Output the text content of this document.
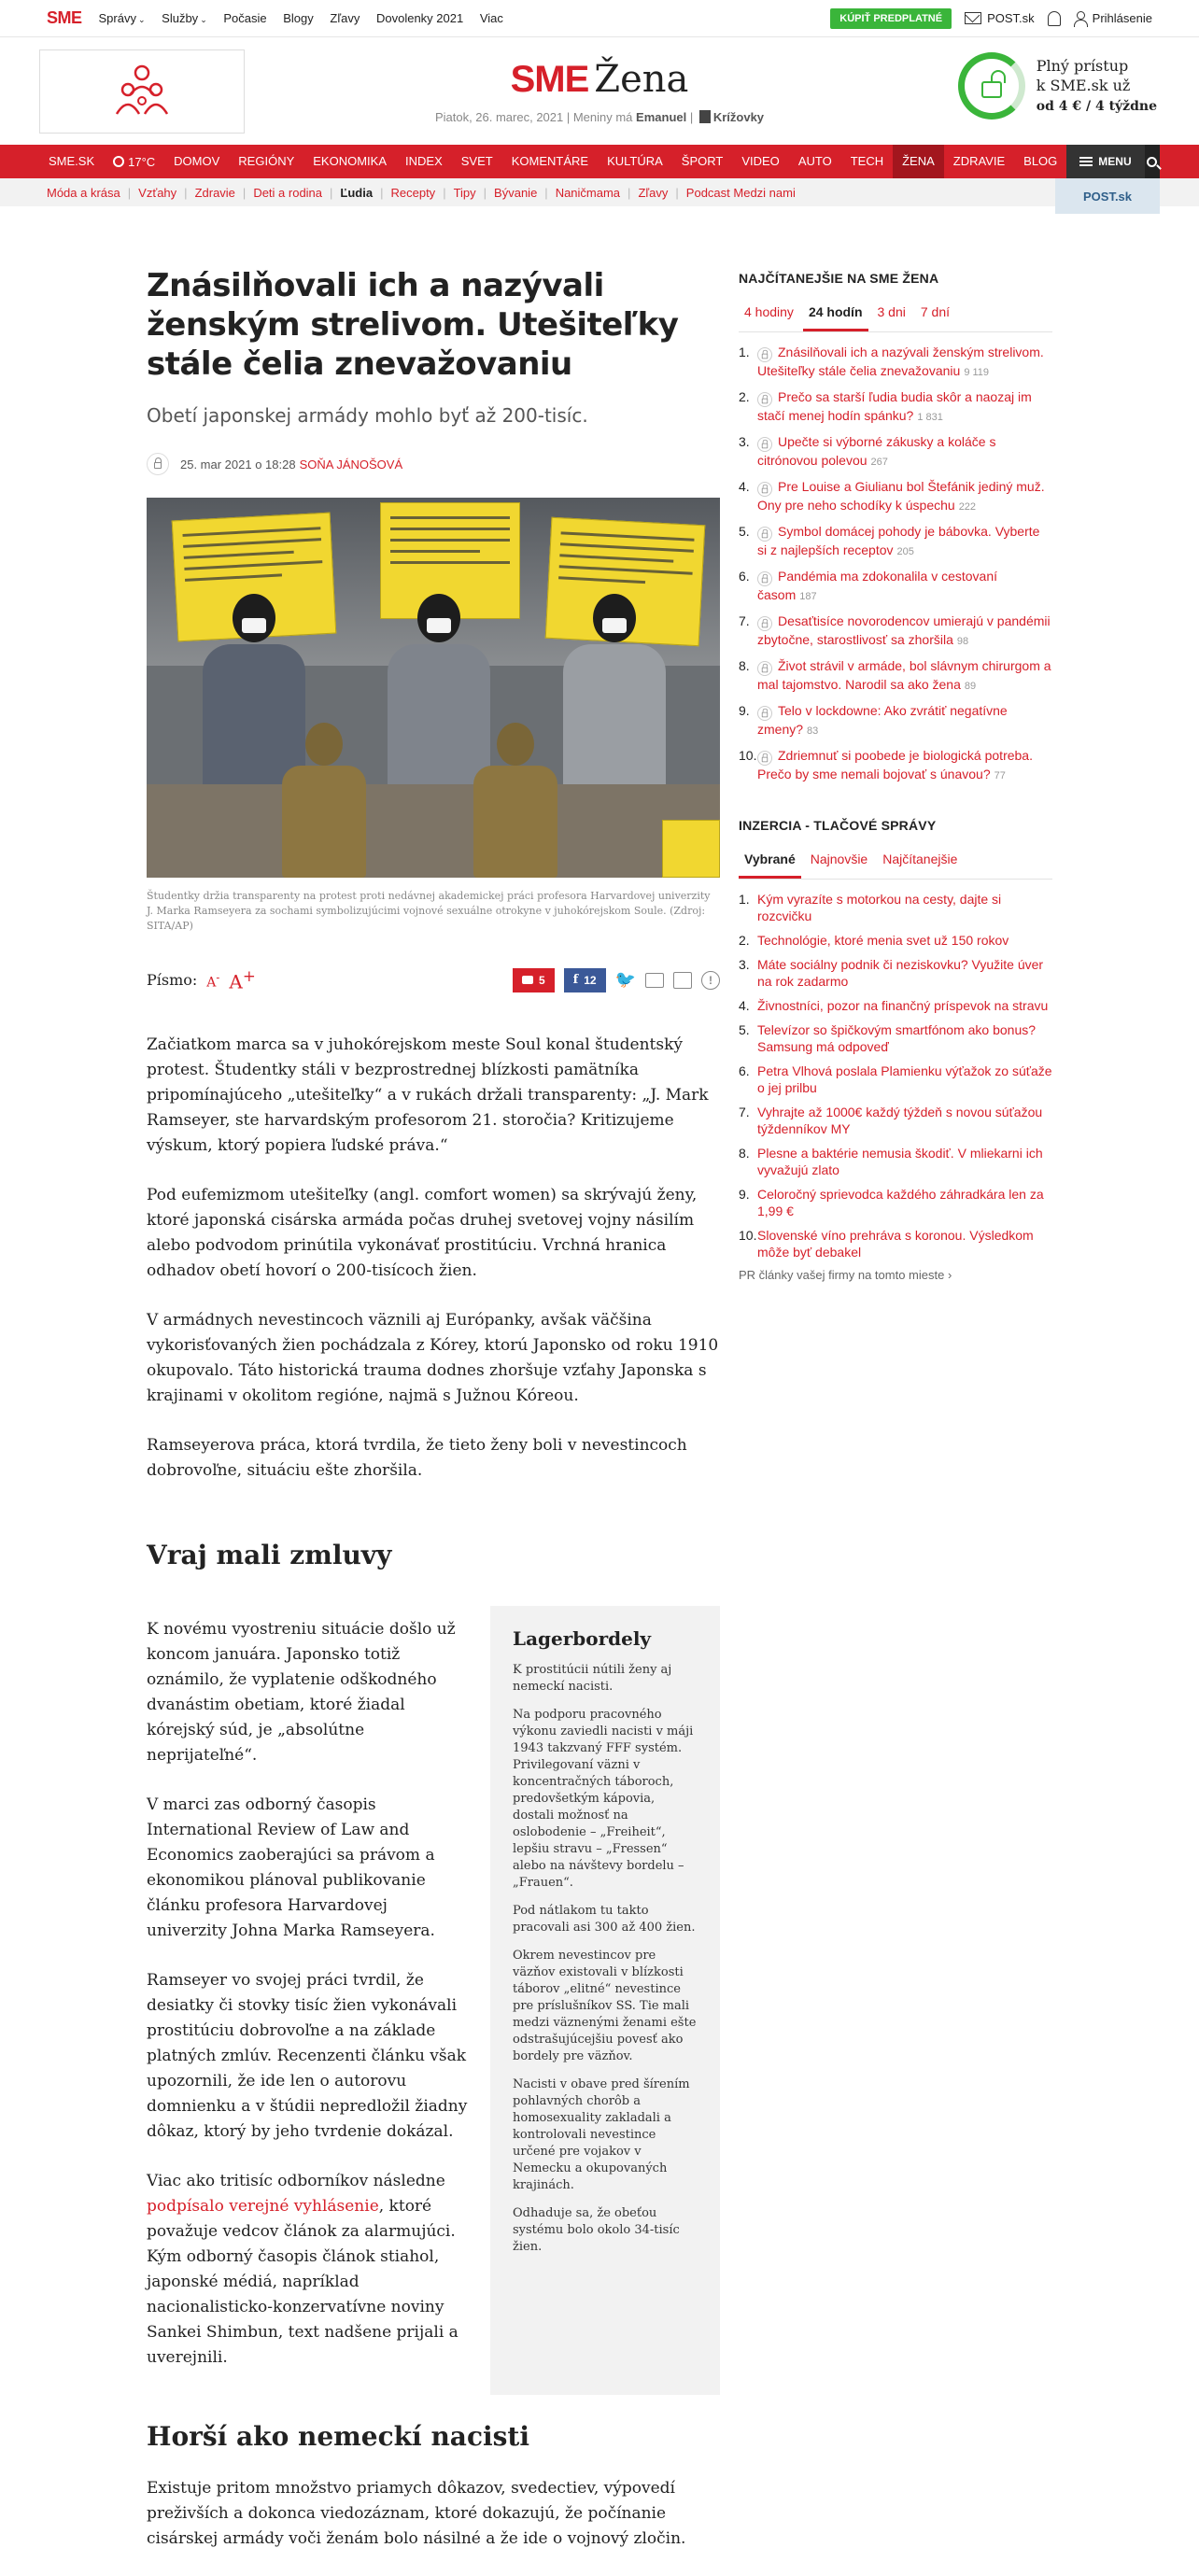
SME Správy ⌄ Služby ⌄ Počasie Blogy Zľavy Dovolenky 2021 Viac	KÚPIŤ PREDPLATNÉ	POST.sk	Prihlásenie
SME Žena
Piatok, 26. marec, 2021 | Meniny má Emanuel | Krížovky
Plný prístup
k SME.sk už
od 4 € / 4 týždne
SME.SK	17°C	DOMOV	REGIÓNY	EKONOMIKA	INDEX	SVET	KOMENTÁRE	KULTÚRA	ŠPORT	VIDEO	AUTO	TECH	ŽENA	ZDRAVIE	BLOG	MENU
Móda a krása | Vzťahy | Zdravie | Deti a rodina | Ľudia | Recepty | Tipy | Bývanie | Naničmama | Zľavy | Podcast Medzi nami	POST.sk
Znásilňovali ich a nazývali ženským strelivom. Utešiteľky stále čelia znevažovaniu
Obetí japonskej armády mohlo byť až 200-tisíc.
25. mar 2021 o 18:28 SOŇA JÁNOŠOVÁ
Študentky držia transparenty na protest proti nedávnej akademickej práci profesora Harvardovej univerzity J. Marka Ramseyera za sochami symbolizujúcimi vojnové sexuálne otrokyne v juhokórejskom Soule. (Zdroj: SITA/AP)
Písmo: A- A+	5 f 12 🐦	!

Začiatkom marca sa v juhokórejskom meste Soul konal študentský protest. Študentky stáli v bezprostrednej blízkosti pamätníka pripomínajúceho „utešiteľky“ a v rukách držali transparenty: „J. Mark Ramseyer, ste harvardským profesorom 21. storočia? Kritizujeme výskum, ktorý popiera ľudské práva.“

Pod eufemizmom utešiteľky (angl. comfort women) sa skrývajú ženy, ktoré japonská cisárska armáda počas druhej svetovej vojny násilím alebo podvodom prinútila vykonávať prostitúciu. Vrchná hranica odhadov obetí hovorí o 200-tisícoch žien.

V armádnych nevestincoch väznili aj Európanky, avšak väčšina vykorisťovaných žien pochádzala z Kórey, ktorú Japonsko od roku 1910 okupovalo. Táto historická trauma dodnes zhoršuje vzťahy Japonska s krajinami v okolitom regióne, najmä s Južnou Kóreou.

Ramseyerova práca, ktorá tvrdila, že tieto ženy boli v nevestincoch dobrovoľne, situáciu ešte zhoršila.

Vraj mali zmluvy

K novému vyostreniu situácie došlo už koncom januára. Japonsko totiž oznámilo, že vyplatenie odškodného dvanástim obetiam, ktoré žiadal kórejský súd, je „absolútne neprijateľné“.

V marci zas odborný časopis International Review of Law and Economics zaoberajúci sa právom a ekonomikou plánoval publikovanie článku profesora Harvardovej univerzity Johna Marka Ramseyera.

Ramseyer vo svojej práci tvrdil, že desiatky či stovky tisíc žien vykonávali prostitúciu dobrovoľne a na základe platných zmlúv. Recenzenti článku však upozornili, že ide len o autorovu domnienku a v štúdii nepredložil žiadny dôkaz, ktorý by jeho tvrdenie dokázal.

Viac ako tritisíc odborníkov následne podpísalo verejné vyhlásenie, ktoré považuje vedcov článok za alarmujúci. Kým odborný časopis článok stiahol, japonské médiá, napríklad nacionalisticko-konzervatívne noviny Sankei Shimbun, text nadšene prijali a uverejnili.

Lagerbordely

K prostitúcii nútili ženy aj nemeckí nacisti.

Na podporu pracovného výkonu zaviedli nacisti v máji 1943 takzvaný FFF systém. Privilegovaní väzni v koncentračných táboroch, predovšetkým kápovia, dostali možnosť na oslobodenie – „Freiheit“, lepšiu stravu – „Fressen“ alebo na návštevy bordelu – „Frauen“.

Pod nátlakom tu takto pracovali asi 300 až 400 žien.

Okrem nevestincov pre väzňov existovali v blízkosti táborov „elitné“ nevestince pre príslušníkov SS. Tie mali medzi väznenými ženami ešte odstrašujúcejšiu povesť ako bordely pre väzňov.

Nacisti v obave pred šírením pohlavných chorôb a homosexuality zakladali a kontrolovali nevestince určené pre vojakov v Nemecku a okupovaných krajinách.

Odhaduje sa, že obeťou systému bolo okolo 34-tisíc žien.

Horší ako nemeckí nacisti

Existuje pritom množstvo priamych dôkazov, svedectiev, výpovedí preživších a dokonca viedozáznam, ktoré dokazujú, že počínanie cisárskej armády voči ženám bolo násilné a že ide o vojnový zločin.

NAJČÍTANEJŠIE NA SME ŽENA
4 hodiny	24 hodín	3 dni	7 dní
1.	Znásilňovali ich a nazývali ženským strelivom. Utešiteľky stále čelia znevažovaniu 9 119
2.	Prečo sa starší ľudia budia skôr a naozaj im stačí menej hodín spánku? 1 831
3.	Upečte si výborné zákusky a koláče s citrónovou polevou 267
4.	Pre Louise a Giulianu bol Štefánik jediný muž. Ony pre neho schodíky k úspechu 222
5.	Symbol domácej pohody je bábovka. Vyberte si z najlepších receptov 205
6.	Pandémia ma zdokonalila v cestovaní časom 187
7.	Desaťtisíce novorodencov umierajú v pandémii zbytočne, starostlivosť sa zhoršila 98
8.	Život strávil v armáde, bol slávnym chirurgom a mal tajomstvo. Narodil sa ako žena 89
9.	Telo v lockdowne: Ako zvrátiť negatívne zmeny? 83
10.	Zdriemnuť si poobede je biologická potreba. Prečo by sme nemali bojovať s únavou? 77
INZERCIA - TLAČOVÉ SPRÁVY
Vybrané	Najnovšie	Najčítanejšie
1. Kým vyrazíte s motorkou na cesty, dajte si rozcvičku
2. Technológie, ktoré menia svet už 150 rokov
3. Máte sociálny podnik či neziskovku? Využite úver na rok zadarmo
4. Živnostníci, pozor na finančný príspevok na stravu
5. Televízor so špičkovým smartfónom ako bonus? Samsung má odpoveď
6. Petra Vlhová poslala Plamienku výťažok zo súťaže o jej prilbu
7. Vyhrajte až 1000€ každý týždeň s novou súťažou týždenníkov MY
8. Plesne a baktérie nemusia škodiť. V mliekarni ich vyvažujú zlato
9. Celoročný sprievodca každého záhradkára len za 1,99 €
10. Slovenské víno prehráva s koronou. Výsledkom môže byť debakel
PR články vašej firmy na tomto mieste ›
